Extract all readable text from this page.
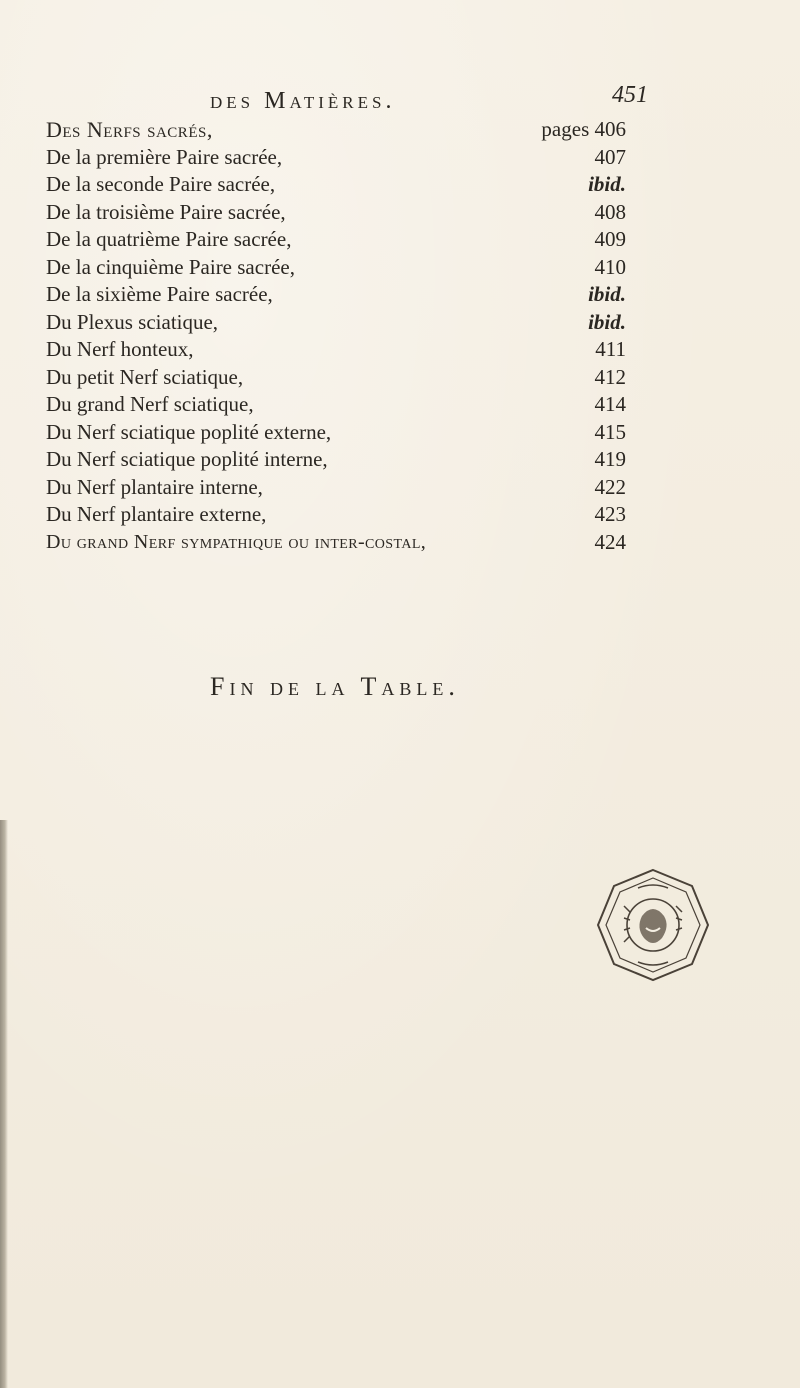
des Matières.	451
Des Nerfs sacrés,	pages 406
De la première Paire sacrée,	407
De la seconde Paire sacrée,	ibid.
De la troisième Paire sacrée,	408
De la quatrième Paire sacrée,	409
De la cinquième Paire sacrée,	410
De la sixième Paire sacrée,	ibid.
Du Plexus sciatique,	ibid.
Du Nerf honteux,	411
Du petit Nerf sciatique,	412
Du grand Nerf sciatique,	414
Du Nerf sciatique poplité externe,	415
Du Nerf sciatique poplité interne,	419
Du Nerf plantaire interne,	422
Du Nerf plantaire externe,	423
Du grand Nerf sympathique ou inter-costal,	424
Fin de la Table.
